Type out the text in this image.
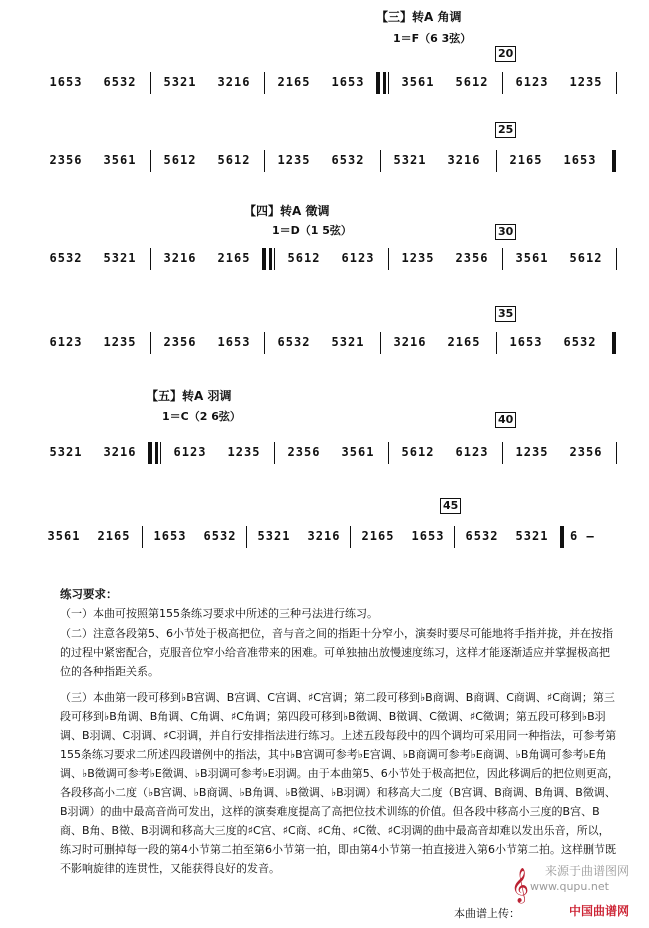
【三】转A 角调
1＝F（6 3弦）
1653	6532	5321	3216	2165	1653	3561	5612	6123	1235
20
2356	3561	5612	5612	1235	6532	5321	3216	2165	1653
25
【四】转A 徵调
1＝D（1 5弦）
6532	5321	3216	2165	5612	6123	1235	2356	3561	5612
30
6123	1235	2356	1653	6532	5321	3216	2165	1653	6532
35
【五】转A 羽调
1＝C（2 6弦）
5321	3216	6123	1235	2356	3561	5612	6123	1235	2356
40
3561	2165	1653	6532	5321	3216	2165	1653	6532	5321	6 –
45
练习要求：
（一）本曲可按照第155条练习要求中所述的三种弓法进行练习。
（二）注意各段第5、6小节处于极高把位，音与音之间的指距十分窄小，演奏时要尽可能地将手指并拢，并在按指的过程中紧密配合，克服音位窄小给音准带来的困难。可单独抽出放慢速度练习，这样才能逐渐适应并掌握极高把位的各种指距关系。
（三）本曲第一段可移到♭B宫调、B宫调、C宫调、♯C宫调；第二段可移到♭B商调、B商调、C商调、♯C商调；第三段可移到♭B角调、B角调、C角调、♯C角调；第四段可移到♭B徵调、B徵调、C徵调、♯C徵调；第五段可移到♭B羽调、B羽调、C羽调、♯C羽调，并自行安排指法进行练习。上述五段每段中的四个调均可采用同一种指法，可参考第155条练习要求二所述四段谱例中的指法，其中♭B宫调可参考♭E宫调、♭B商调可参考♭E商调、♭B角调可参考♭E角调、♭B徵调可参考♭E徵调、♭B羽调可参考♭E羽调。由于本曲第5、6小节处于极高把位，因此移调后的把位则更高，各段移高小二度（♭B宫调、♭B商调、♭B角调、♭B徵调、♭B羽调）和移高大二度（B宫调、B商调、B角调、B徵调、B羽调）的曲中最高音尚可发出，这样的演奏难度提高了高把位技术训练的价值。但各段中移高小三度的B宫、B商、B角、B徵、B羽调和移高大三度的♯C宫、♯C商、♯C角、♯C徵、♯C羽调的曲中最高音却难以发出乐音，所以，练习时可删掉每一段的第4小节第二拍至第6小节第一拍，即由第4小节第一拍直接进入第6小节第二拍。这样删节既不影响旋律的连贯性，又能获得良好的发音。	𝄞	来源于曲谱图网
www.qupu.net
本曲谱上传：	中国曲谱网
